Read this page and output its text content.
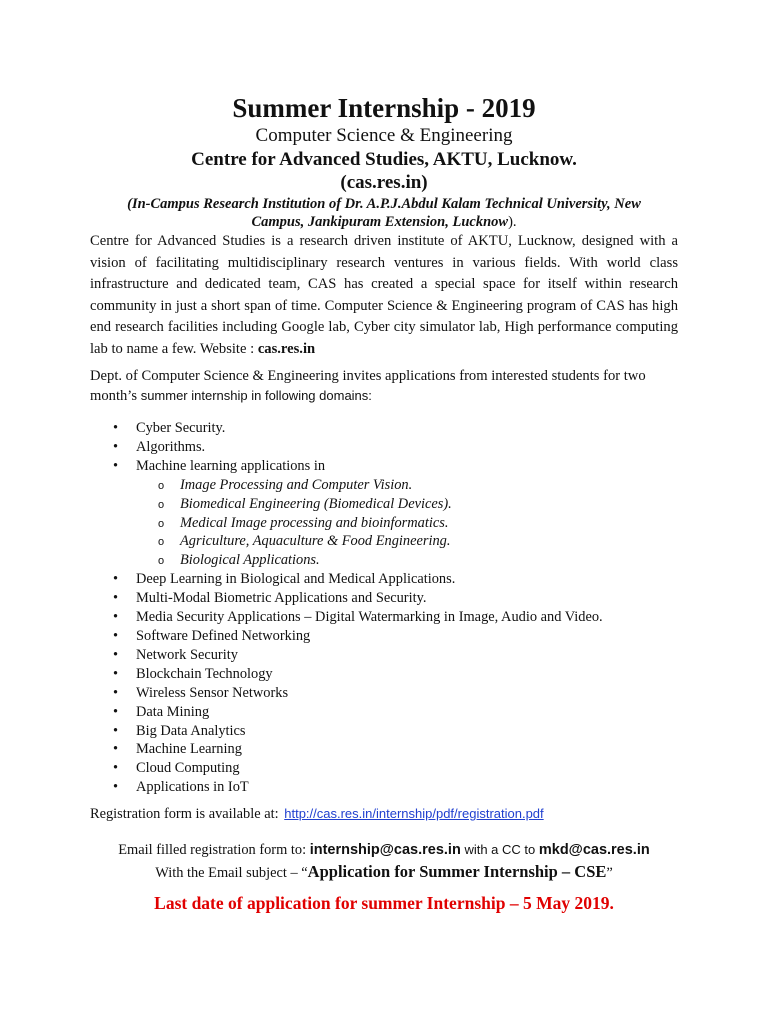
Summer Internship - 2019
Computer Science & Engineering
Centre for Advanced Studies, AKTU, Lucknow.
(cas.res.in)
(In-Campus Research Institution of Dr. A.P.J.Abdul Kalam Technical University, New
Campus, Jankipuram Extension, Lucknow).
Centre for Advanced Studies is a research driven institute of AKTU, Lucknow, designed with a vision of facilitating multidisciplinary research ventures in various fields. With world class infrastructure and dedicated team, CAS has created a special space for itself within research community in just a short span of time. Computer Science & Engineering program of CAS has high end research facilities including Google lab, Cyber city simulator lab, High performance computing lab to name a few. Website : cas.res.in
Dept. of Computer Science & Engineering invites applications from interested students for two
month’s summer internship in following domains:
• Cyber Security.
• Algorithms.
• Machine learning applications in
o Image Processing and Computer Vision.
o Biomedical Engineering (Biomedical Devices).
o Medical Image processing and bioinformatics.
o Agriculture, Aquaculture & Food Engineering.
o Biological Applications.
• Deep Learning in Biological and Medical Applications.
• Multi-Modal Biometric Applications and Security.
• Media Security Applications – Digital Watermarking in Image, Audio and Video.
• Software Defined Networking
• Network Security
• Blockchain Technology
• Wireless Sensor Networks
• Data Mining
• Big Data Analytics
• Machine Learning
• Cloud Computing
• Applications in IoT
Registration form is available at: http://cas.res.in/internship/pdf/registration.pdf
Email filled registration form to: internship@cas.res.in with a CC to mkd@cas.res.in
With the Email subject – “Application for Summer Internship – CSE”
Last date of application for summer Internship – 5 May 2019.
